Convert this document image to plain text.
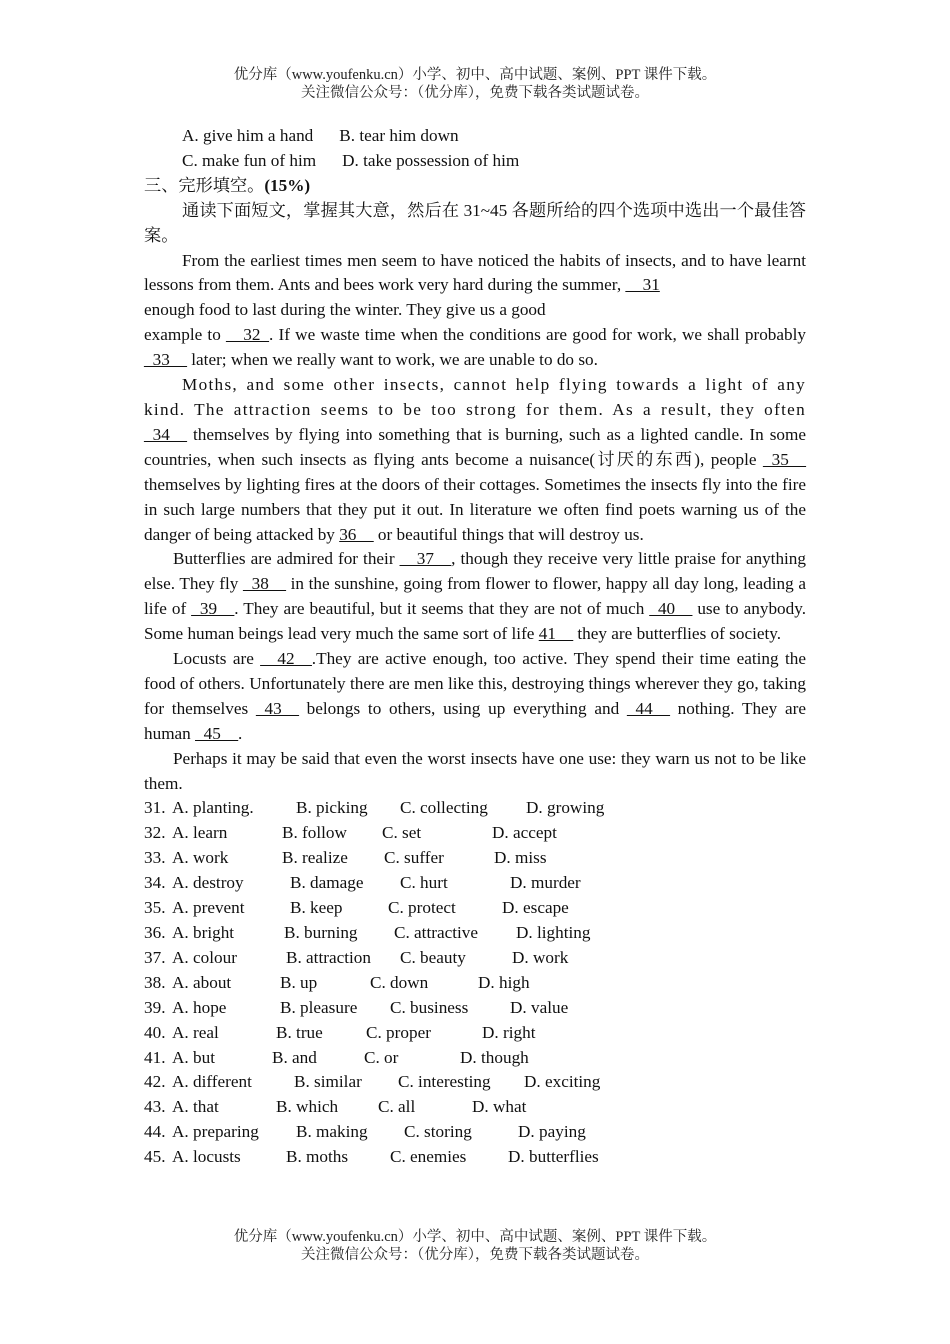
优分库（www.youfenku.cn）小学、初中、高中试题、案例、PPT 课件下载。
关注微信公众号：（优分库），免费下载各类试题试卷。
A. give him a hand B. tear him down
C. make fun of him D. take possession of him
三、完形填空。(15%)

通读下面短文，掌握其大意，然后在 31~45 各题所给的四个选项中选出一个最佳答案。

From the earliest times men seem to have noticed the habits of insects, and to have learnt lessons from them. Ants and bees work very hard during the summer, __31
enough food to last during the winter. They give us a good
example to __32_. If we waste time when the conditions are good for work, we shall probably _33__ later; when we really want to work, we are unable to do so.

Moths, and some other insects, cannot help flying towards a light of any kind. The attraction seems to be too strong for them. As a result, they often _34__ themselves by flying into something that is burning, such as a lighted candle. In some countries, when such insects as flying ants become a nuisance(讨厌的东西), people _35__ themselves by lighting fires at the doors of their cottages. Sometimes the insects fly into the fire in such large numbers that they put it out. In literature we often find poets warning us of the danger of being attacked by 36__ or beautiful things that will destroy us.

Butterflies are admired for their __37__, though they receive very little praise for anything else. They fly _38__ in the sunshine, going from flower to flower, happy all day long, leading a life of _39__. They are beautiful, but it seems that they are not of much _40__ use to anybody. Some human beings lead very much the same sort of life 41__ they are butterflies of society.

Locusts are __42__.They are active enough, too active. They spend their time eating the food of others. Unfortunately there are men like this, destroying things wherever they go, taking for themselves _43__ belongs to others, using up everything and _44__ nothing. They are human _45__.

Perhaps it may be said that even the worst insects have one use: they warn us not to be like them.

31. A. planting.	B. picking	C. collecting	D. growing
32. A. learn	B. follow	C. set	D. accept
33. A. work	B. realize	C. suffer	D. miss
34. A. destroy	B. damage	C. hurt	D. murder
35. A. prevent	B. keep	C. protect	D. escape
36. A. bright	B. burning	C. attractive	D. lighting
37. A. colour	B. attraction	C. beauty	D. work
38. A. about	B. up	C. down	D. high
39. A. hope	B. pleasure	C. business	D. value
40. A. real	B. true	C. proper	D. right
41. A. but	B. and	C. or	D. though
42. A. different	B. similar	C. interesting	D. exciting
43. A. that	B. which	C. all	D. what
44. A. preparing	B. making	C. storing	D. paying
45. A. locusts	B. moths	C. enemies	D. butterflies
优分库（www.youfenku.cn）小学、初中、高中试题、案例、PPT 课件下载。
关注微信公众号：（优分库），免费下载各类试题试卷。
